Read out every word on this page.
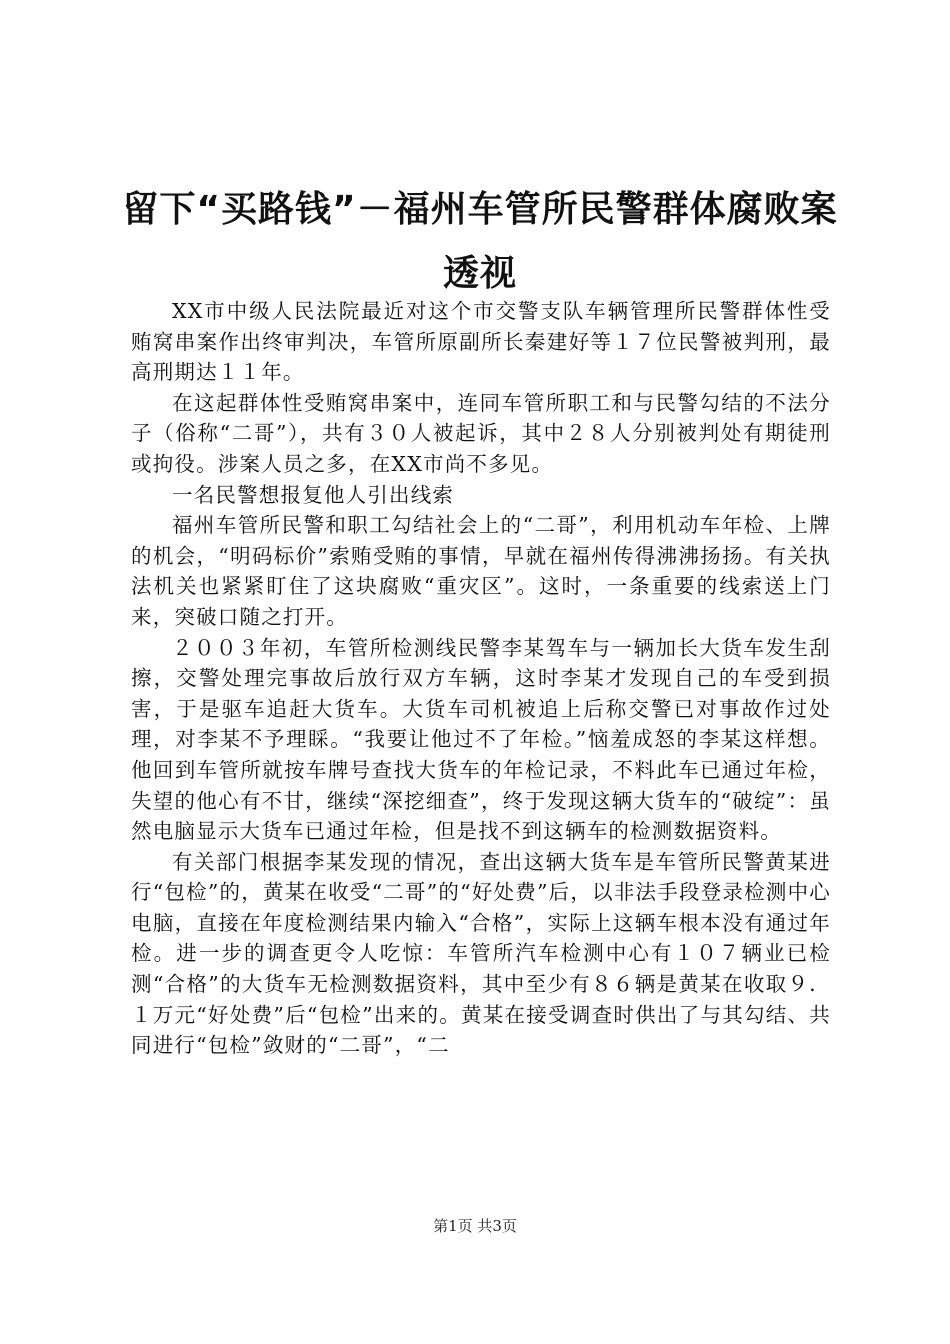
留下“买路钱”－福州车管所民警群体腐败案透视

XX市中级人民法院最近对这个市交警支队车辆管理所民警群体性受贿窝串案作出终审判决，车管所原副所长秦建好等１７位民警被判刑，最高刑期达１１年。

在这起群体性受贿窝串案中，连同车管所职工和与民警勾结的不法分子（俗称“二哥”），共有３０人被起诉，其中２８人分别被判处有期徒刑或拘役。涉案人员之多，在XX市尚不多见。

一名民警想报复他人引出线索

福州车管所民警和职工勾结社会上的“二哥”，利用机动车年检、上牌的机会，“明码标价”索贿受贿的事情，早就在福州传得沸沸扬扬。有关执法机关也紧紧盯住了这块腐败“重灾区”。这时，一条重要的线索送上门来，突破口随之打开。

２００３年初，车管所检测线民警李某驾车与一辆加长大货车发生刮擦，交警处理完事故后放行双方车辆，这时李某才发现自己的车受到损害，于是驱车追赶大货车。大货车司机被追上后称交警已对事故作过处理，对李某不予理睬。“我要让他过不了年检。”恼羞成怒的李某这样想。他回到车管所就按车牌号查找大货车的年检记录，不料此车已通过年检，失望的他心有不甘，继续“深挖细查”，终于发现这辆大货车的“破绽”：虽然电脑显示大货车已通过年检，但是找不到这辆车的检测数据资料。

有关部门根据李某发现的情况，查出这辆大货车是车管所民警黄某进行“包检”的，黄某在收受“二哥”的“好处费”后，以非法手段登录检测中心电脑，直接在年度检测结果内输入“合格”，实际上这辆车根本没有通过年检。进一步的调查更令人吃惊：车管所汽车检测中心有１０７辆业已检测“合格”的大货车无检测数据资料，其中至少有８６辆是黄某在收取９．１万元“好处费”后“包检”出来的。黄某在接受调查时供出了与其勾结、共同进行“包检”敛财的“二哥”，“二

第1页 共3页
